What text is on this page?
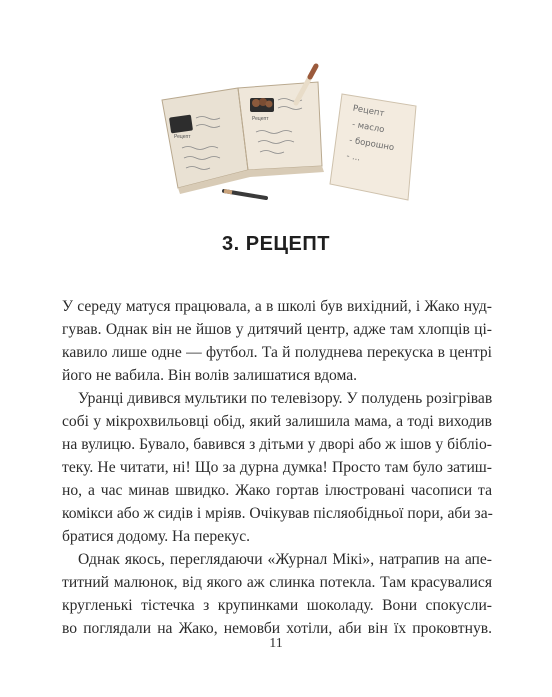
Рецепт
Рецепт	Рецепт
- масло
- борошно
- ...
3. РЕЦЕПТ
У середу матуся працювала, а в школі був вихідний, і Жако нуд-
гував. Однак він не йшов у дитячий центр, адже там хлопців ці-
кавило лише одне — футбол. Та й полуднева перекуска в центрі
його не вабила. Він волів залишатися вдома.
Уранці дивився мультики по телевізору. У полудень розігрівав
собі у мікрохвильовці обід, який залишила мама, а тоді виходив
на вулицю. Бувало, бавився з дітьми у дворі або ж ішов у бібліо-
теку. Не читати, ні! Що за дурна думка! Просто там було затиш-
но, а час минав швидко. Жако гортав ілюстровані часописи та
комікси або ж сидів і мріяв. Очікував післяобідньої пори, аби за-
братися додому. На перекус.
Однак якось, переглядаючи «Журнал Мікі», натрапив на апе-
титний малюнок, від якого аж слинка потекла. Там красувалися
кругленькі тістечка з крупинками шоколаду. Вони спокусли-
во поглядали на Жако, немовби хотіли, аби він їх проковтнув.
11
